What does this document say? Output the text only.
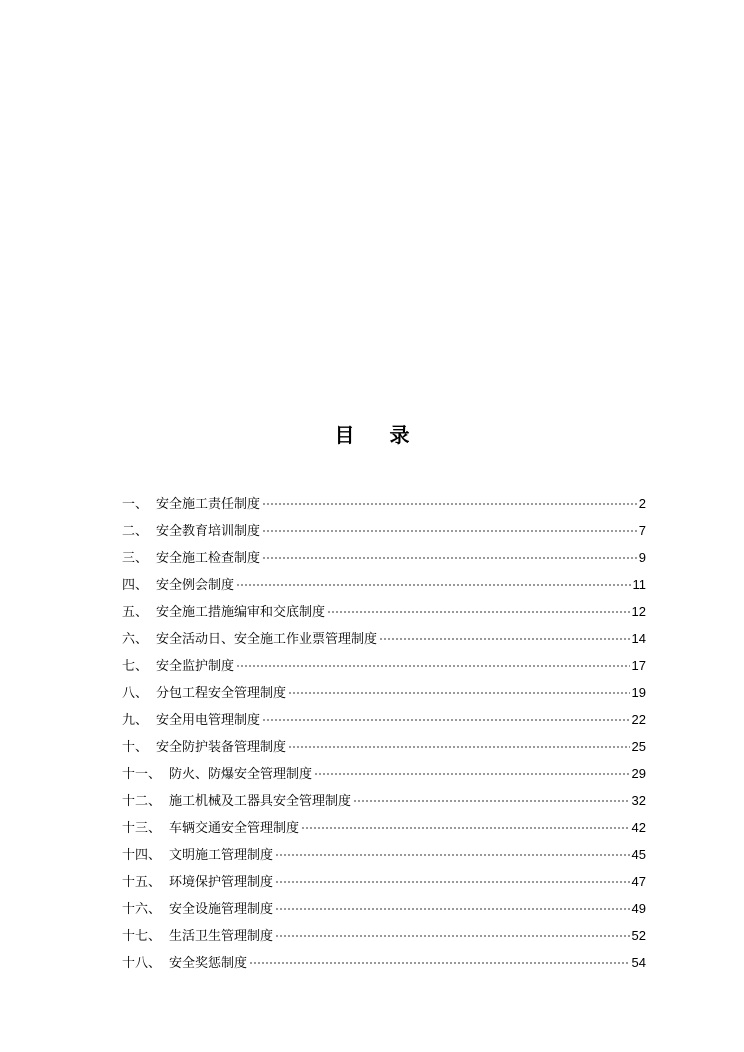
目 录
一、 安全施工责任制度	2
二、 安全教育培训制度	7
三、 安全施工检查制度	9
四、 安全例会制度	11
五、 安全施工措施编审和交底制度	12
六、 安全活动日、安全施工作业票管理制度	14
七、 安全监护制度	17
八、 分包工程安全管理制度	19
九、 安全用电管理制度	22
十、 安全防护装备管理制度	25
十一、 防火、防爆安全管理制度	29
十二、 施工机械及工器具安全管理制度	32
十三、 车辆交通安全管理制度	42
十四、 文明施工管理制度	45
十五、 环境保护管理制度	47
十六、 安全设施管理制度	49
十七、 生活卫生管理制度	52
十八、 安全奖惩制度	54
